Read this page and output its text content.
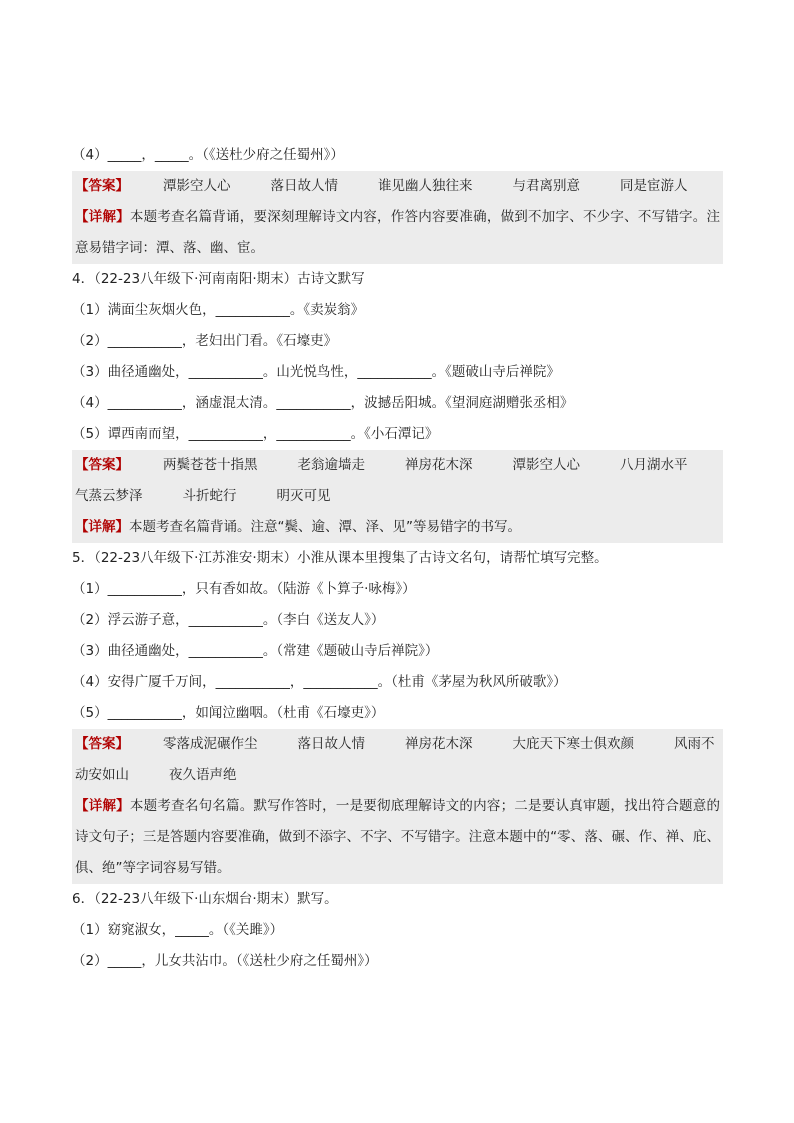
（4）_____，_____。（《送杜少府之任蜀州》）
【答案】	潭影空人心	落日故人情	谁见幽人独往来	与君离别意	同是宦游人
【详解】本题考查名篇背诵，要深刻理解诗文内容，作答内容要准确，做到不加字、不少字、不写错字。注意易错字词：潭、落、幽、宦。
4．（22-23八年级下·河南南阳·期末）古诗文默写
（1）满面尘灰烟火色，___________。《卖炭翁》
（2）___________，老妇出门看。《石壕吏》
（3）曲径通幽处，___________。山光悦鸟性，___________。《题破山寺后禅院》
（4）___________，涵虚混太清。___________，波撼岳阳城。《望洞庭湖赠张丞相》
（5）谭西南而望，___________，___________。《小石潭记》
【答案】	两鬓苍苍十指黑	老翁逾墙走	禅房花木深	潭影空人心	八月湖水平
气蒸云梦泽	斗折蛇行	明灭可见
【详解】本题考查名篇背诵。注意“鬓、逾、潭、泽、见”等易错字的书写。
5．（22-23八年级下·江苏淮安·期末）小淮从课本里搜集了古诗文名句，请帮忙填写完整。
（1）___________，只有香如故。（陆游《卜算子·咏梅》）
（2）浮云游子意，___________。（李白《送友人》）
（3）曲径通幽处，___________。（常建《题破山寺后禅院》）
（4）安得广厦千万间，___________，___________。（杜甫《茅屋为秋风所破歌》）
（5）___________，如闻泣幽咽。（杜甫《石壕吏》）
【答案】	零落成泥碾作尘	落日故人情	禅房花木深	大庇天下寒士俱欢颜	风雨不
动安如山	夜久语声绝
【详解】本题考查名句名篇。默写作答时，一是要彻底理解诗文的内容；二是要认真审题，找出符合题意的诗文句子；三是答题内容要准确，做到不添字、不字、不写错字。注意本题中的“零、落、碾、作、禅、庇、俱、绝”等字词容易写错。
6．（22-23八年级下·山东烟台·期末）默写。
（1）窈窕淑女，_____。（《关雎》）
（2）_____，儿女共沾巾。（《送杜少府之任蜀州》）
